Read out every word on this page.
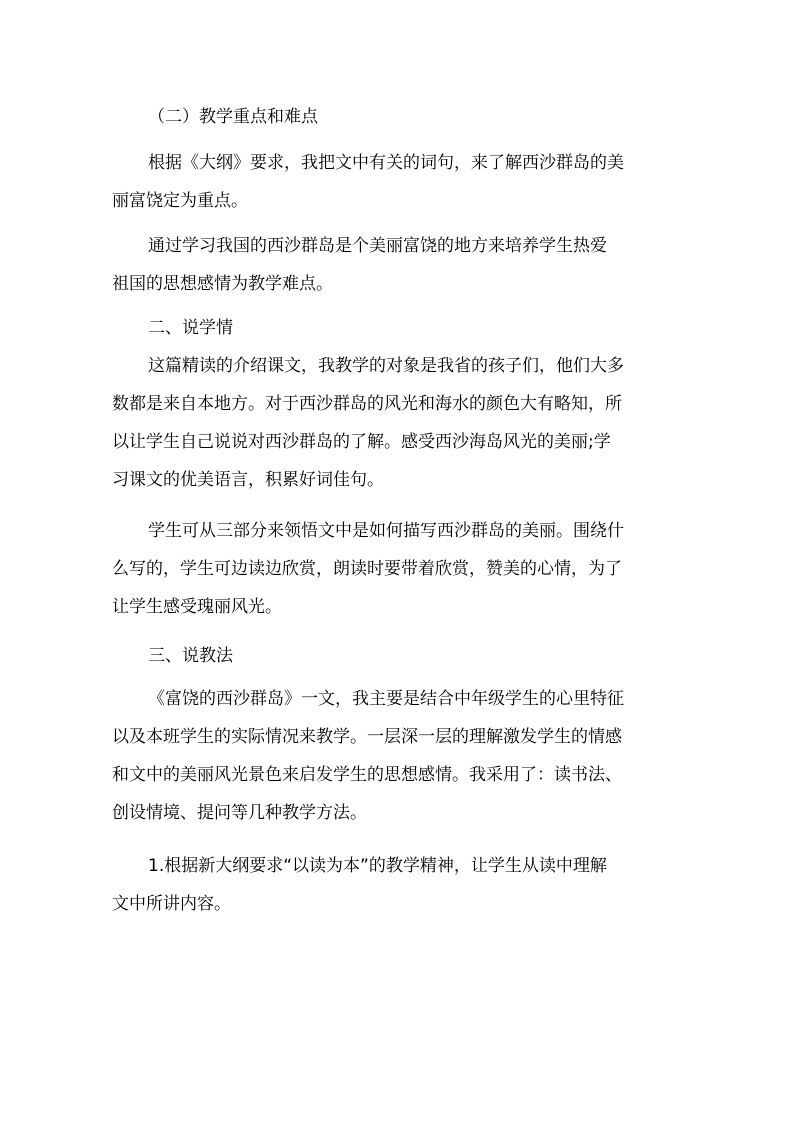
（二）教学重点和难点
根据《大纲》要求，我把文中有关的词句，来了解西沙群岛的美
丽富饶定为重点。
通过学习我国的西沙群岛是个美丽富饶的地方来培养学生热爱
祖国的思想感情为教学难点。
二、说学情
这篇精读的介绍课文，我教学的对象是我省的孩子们，他们大多
数都是来自本地方。对于西沙群岛的风光和海水的颜色大有略知，所
以让学生自己说说对西沙群岛的了解。感受西沙海岛风光的美丽;学
习课文的优美语言，积累好词佳句。
学生可从三部分来领悟文中是如何描写西沙群岛的美丽。围绕什
么写的，学生可边读边欣赏，朗读时要带着欣赏，赞美的心情，为了
让学生感受瑰丽风光。
三、说教法
《富饶的西沙群岛》一文，我主要是结合中年级学生的心里特征
以及本班学生的实际情况来教学。一层深一层的理解激发学生的情感
和文中的美丽风光景色来启发学生的思想感情。我采用了：读书法、
创设情境、提问等几种教学方法。
1.根据新大纲要求“以读为本”的教学精神，让学生从读中理解
文中所讲内容。
